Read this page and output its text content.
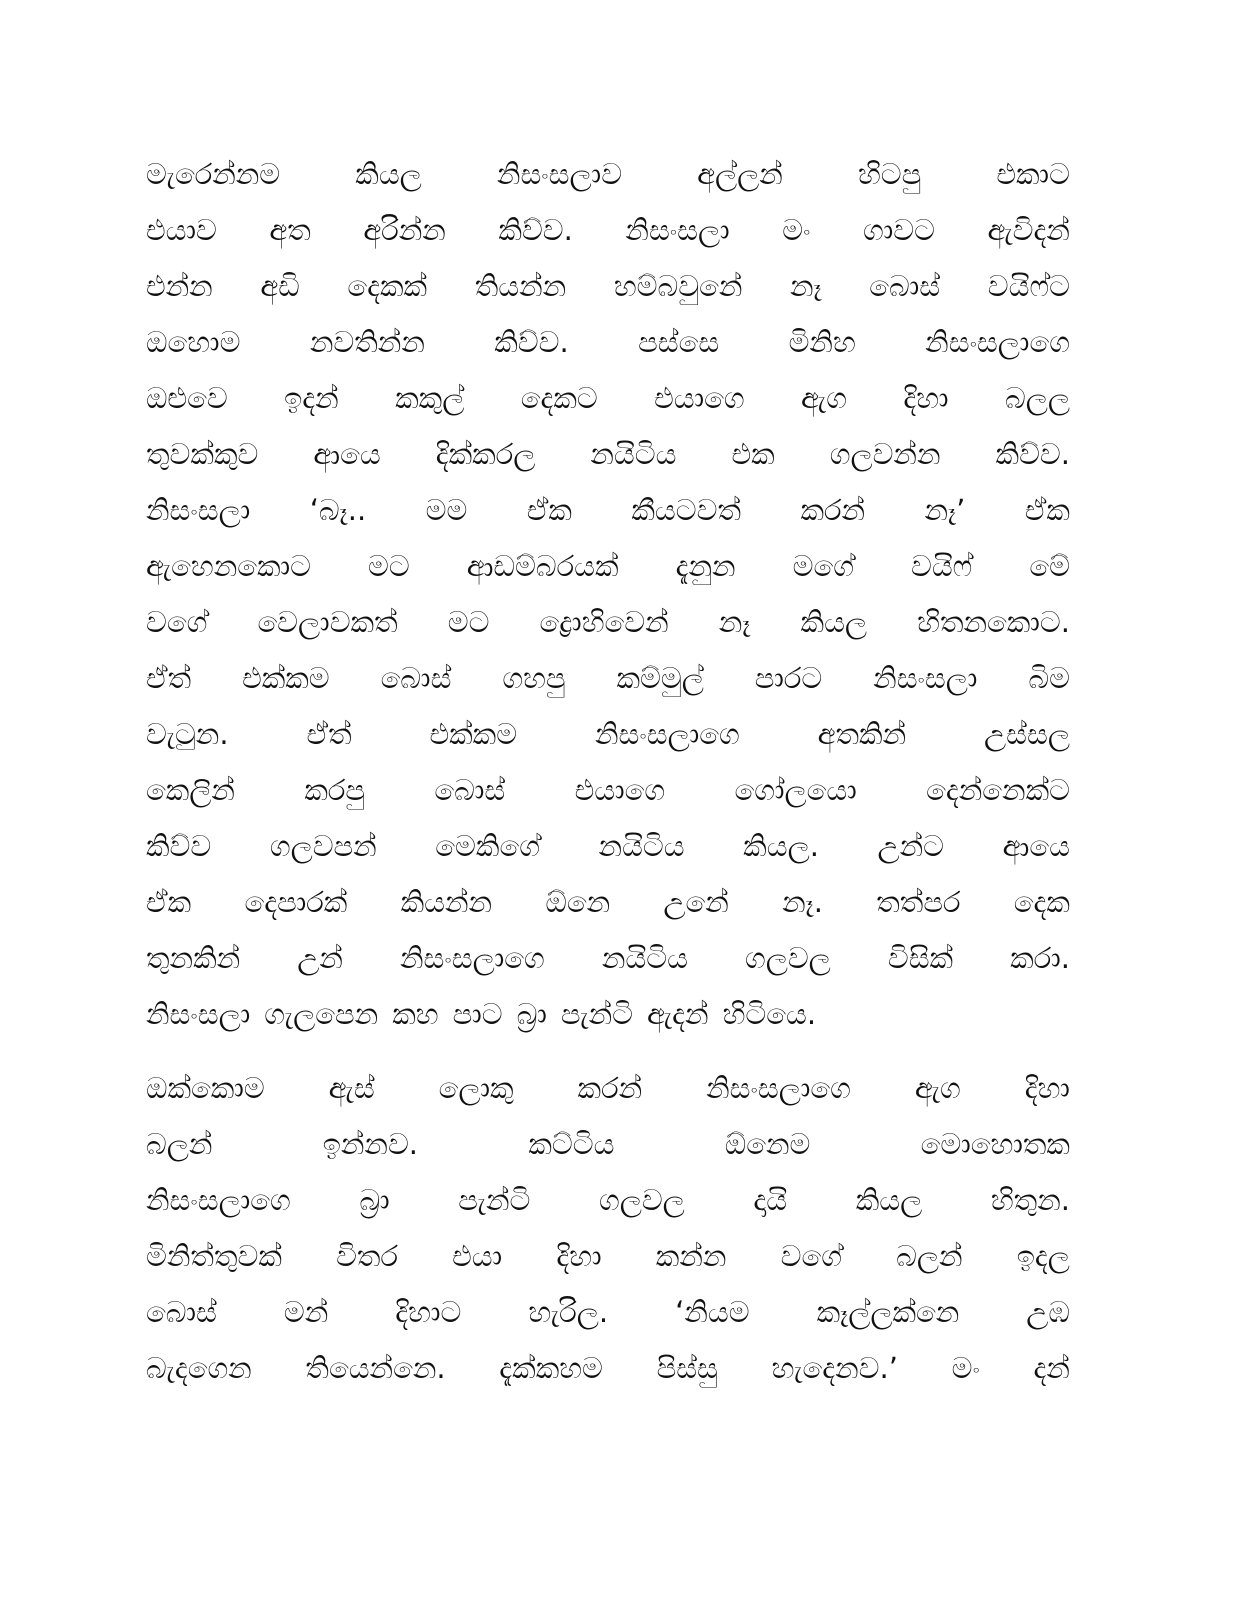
මැරෙන්නම	කියල	නිසංසලාව	අල්ලන්	හිටපු	එකාට
එයාව අත අරින්න කිව්ව. නිසංසලා මං ගාවට ඇවිදන්
එන්න අඩි දෙකක් තියන්න හම්බවුනේ නෑ බොස් වයිෆ්ට
ඔහොම නවතින්න කිව්ව. පස්සෙ මිනිහ නිසංසලාගෙ
ඔළුවෙ ඉදන් කකුල් දෙකට එයාගෙ ඇග දිහා බලල
තුවක්කුව ආයෙ දික්කරල නයිටිය එක ගලවන්න කිව්ව.
නිසංසලා ‘බෑ.. මම ඒක කීයටවත් කරන් නෑ’ ඒක
ඇහෙනකොට මට ආඩම්බරයක් දැනුන මගේ වයිෆ් මේ
වගේ වෙලාවකත් මට ද්‍රොහිවෙන් නෑ කියල හිතනකොට.
ඒත් එක්කම බොස් ගහපු කම්මුල් පාරට නිසංසලා බිම
වැටුන.	ඒත්	එක්කම	නිසංසලාගෙ	අතකින්	උස්සල
කෙලින් කරපු බොස් එයාගෙ ගෝලයො දෙන්නෙක්ට
කිව්ව ගලවපන් මෙකිගේ නයිටිය කියල. උන්ට ආයෙ
ඒක දෙපාරක් කියන්න ඕනෙ උනේ නෑ. තත්පර දෙක
තුනකින් උන් නිසංසලාගෙ නයිටිය ගලවල විසික් කරා.
නිසංසලා ගැලපෙන කහ පාට බ්‍රා පැන්ටි ඇදන් හිටියෙ.
ඔක්කොම ඇස් ලොකු කරන් නිසංසලාගෙ ඇග දිහා
බලන්	ඉන්නව.	කට්ටිය	ඕනෙම	මොහොතක
නිසංසලාගෙ බ්‍රා පැන්ටි ගලවල දායි කියල හිතුන.
මිනිත්තුවක් විතර එයා දිහා කන්න වගේ බලන් ඉදල
බොස් මන් දිහාට හැරිල. ‘නියම කෑල්ලක්නෙ උඹ
බැදගෙන තියෙන්නෙ. දැක්කහම පිස්සු හැදෙනව.’ මං දන්
